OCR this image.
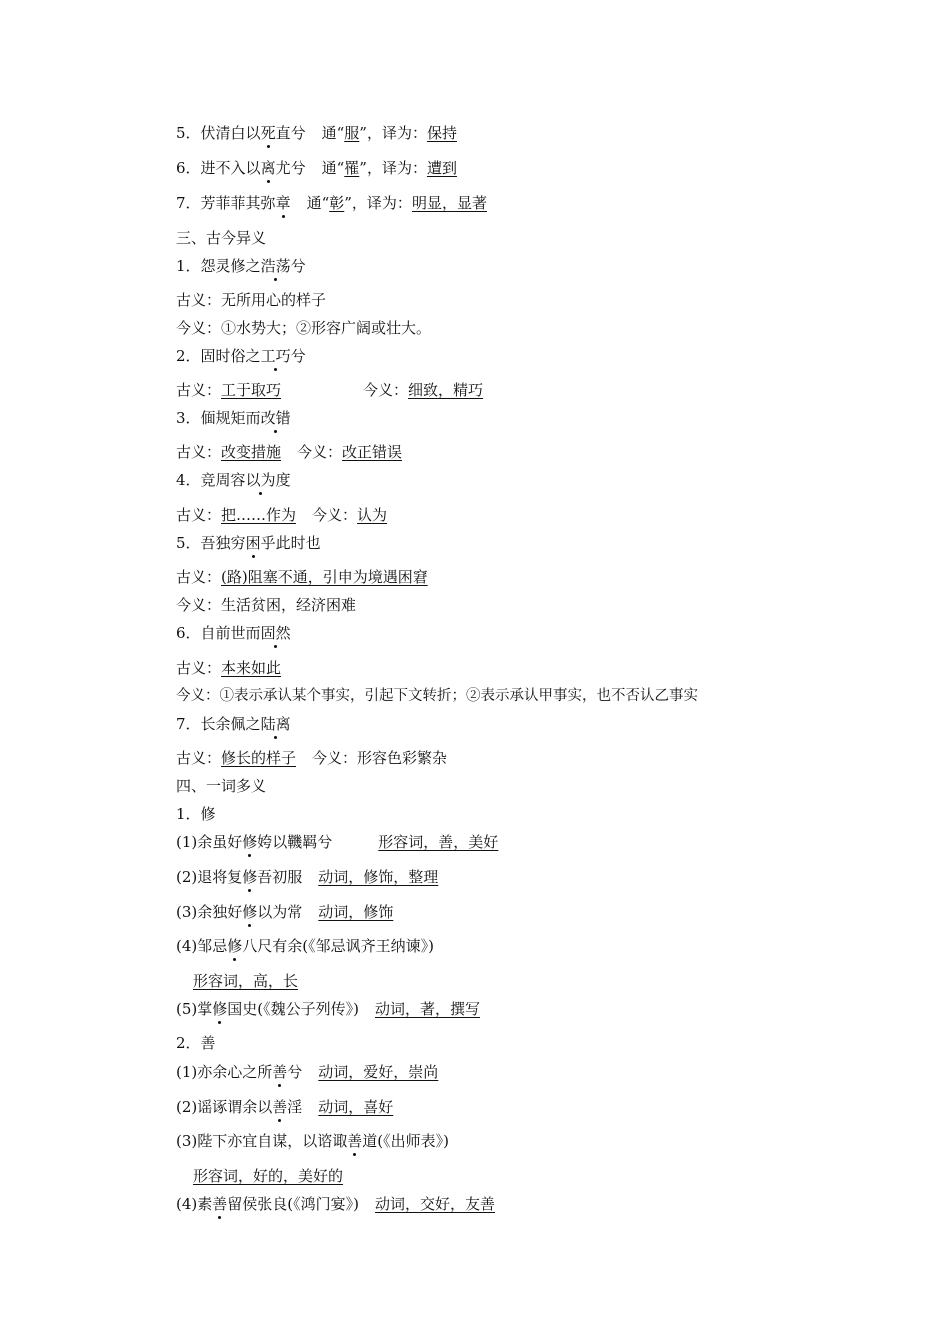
5．伏清白以死直兮 通“服”，译为：保持
6．进不入以离尤兮 通“罹”，译为：遭到
7．芳菲菲其弥章 通“彰”，译为：明显，显著
三、古今异义
1．怨灵修之浩荡兮
古义：无所用心的样子
今义：①水势大；②形容广阔或壮大。
2．固时俗之工巧兮
古义：工于取巧	今义：细致，精巧
3．偭规矩而改错
古义：改变措施 今义：改正错误
4．竞周容以为度
古义：把……作为 今义：认为
5．吾独穷困乎此时也
古义：(路)阻塞不通，引申为境遇困窘
今义：生活贫困，经济困难
6．自前世而固然
古义：本来如此
今义：①表示承认某个事实，引起下文转折；②表示承认甲事实，也不否认乙事实
7．长余佩之陆离
古义：修长的样子 今义：形容色彩繁杂
四、一词多义
1．修
(1)余虽好修姱以鞿羁兮	形容词，善，美好
(2)退将复修吾初服 动词，修饰，整理
(3)余独好修以为常 动词，修饰
(4)邹忌修八尺有余(《邹忌讽齐王纳谏》)
形容词，高，长
(5)掌修国史(《魏公子列传》) 动词，著，撰写
2．善
(1)亦余心之所善兮 动词，爱好，崇尚
(2)谣诼谓余以善淫 动词，喜好
(3)陛下亦宜自谋，以谘诹善道(《出师表》)
形容词，好的，美好的
(4)素善留侯张良(《鸿门宴》) 动词，交好，友善
